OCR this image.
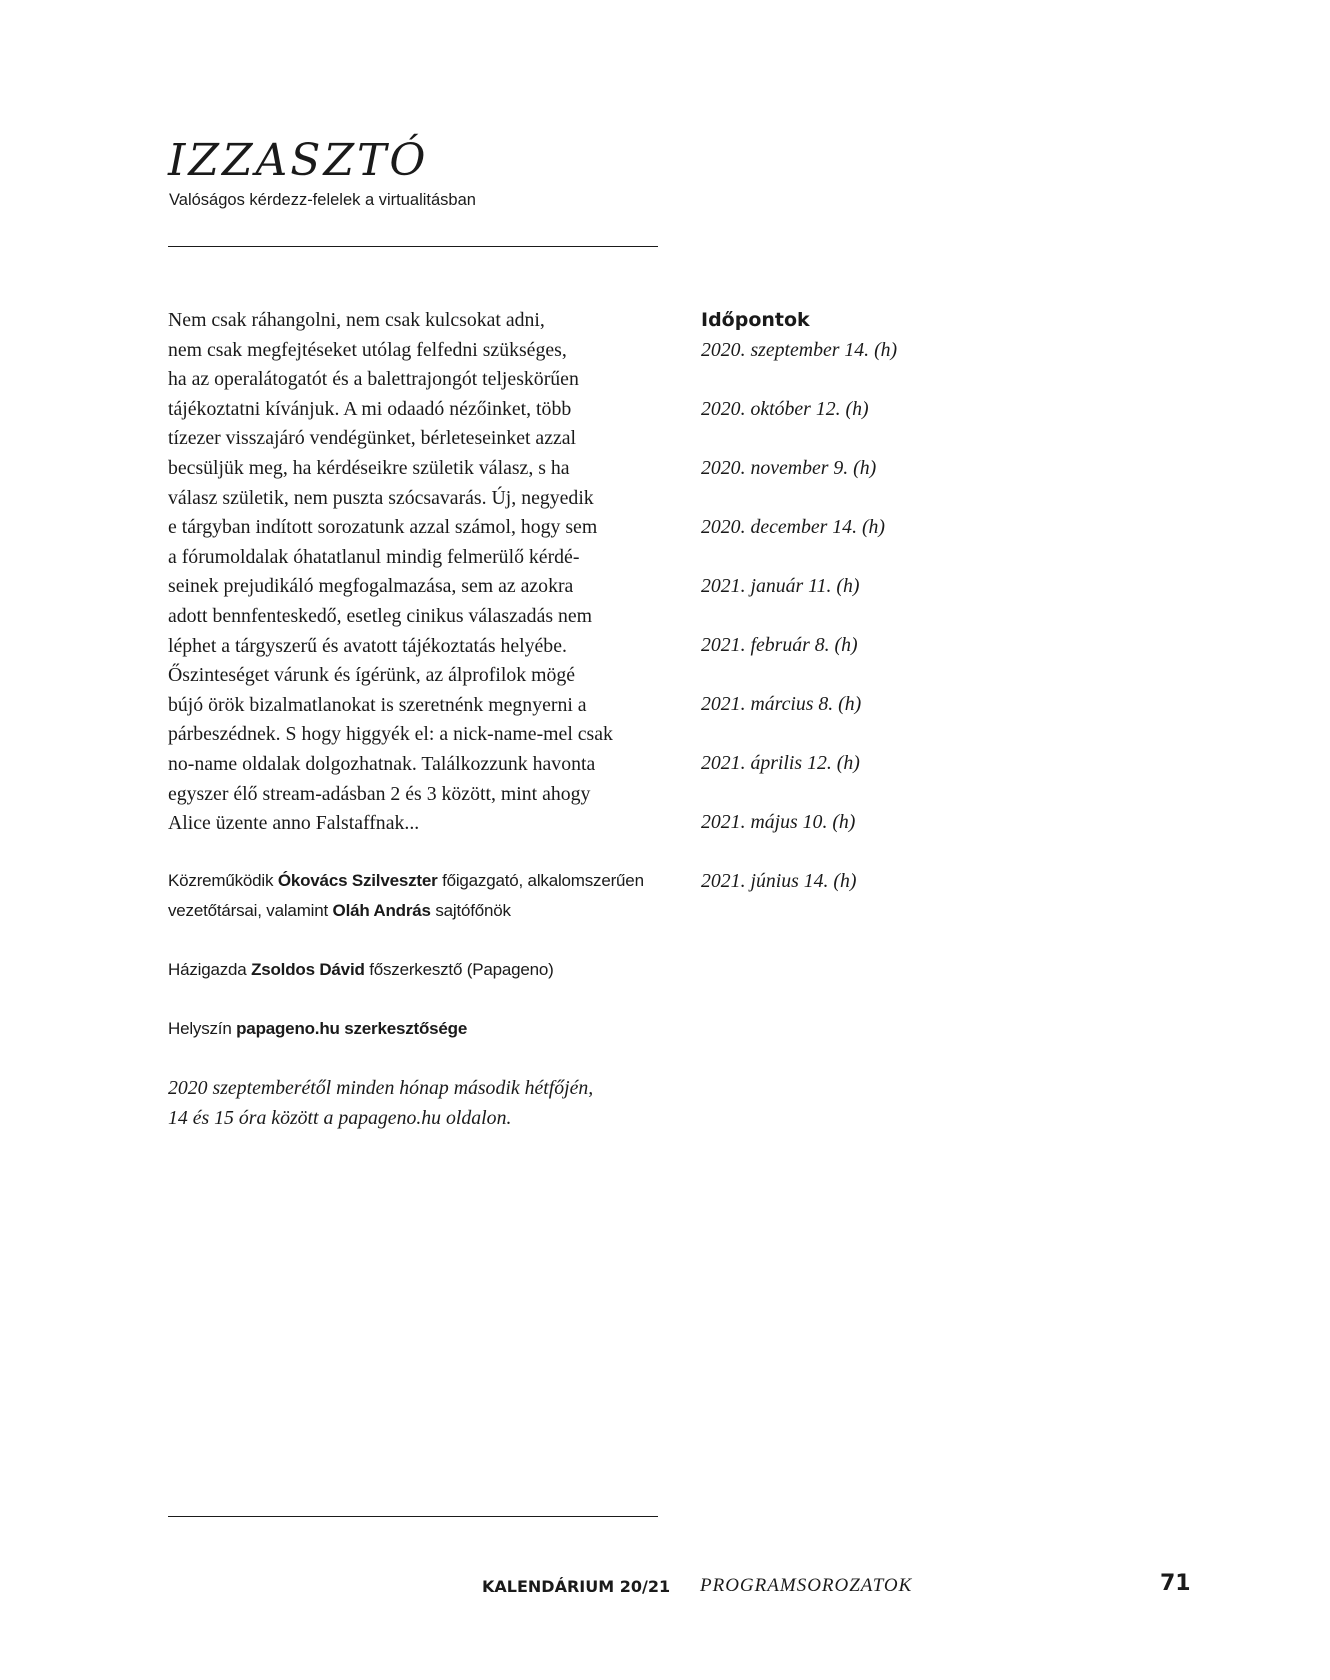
IZZASZTÓ
Valóságos kérdezz-felelek a virtualitásban
Nem csak ráhangolni, nem csak kulcsokat adni,
nem csak megfejtéseket utólag felfedni szükséges,
ha az operalátogatót és a balettrajongót teljeskörűen
tájékoztatni kívánjuk. A mi odaadó nézőinket, több
tízezer visszajáró vendégünket, bérleteseinket azzal
becsüljük meg, ha kérdéseikre születik válasz, s ha
válasz születik, nem puszta szócsavarás. Új, negyedik
e tárgyban indított sorozatunk azzal számol, hogy sem
a fórumoldalak óhatatlanul mindig felmerülő kérdé-
seinek prejudikáló megfogalmazása, sem az azokra
adott bennfenteskedő, esetleg cinikus válaszadás nem
léphet a tárgyszerű és avatott tájékoztatás helyébe.
Őszinteséget várunk és ígérünk, az álprofilok mögé
bújó örök bizalmatlanokat is szeretnénk megnyerni a
párbeszédnek. S hogy higgyék el: a nick-name-mel csak
no-name oldalak dolgozhatnak. Találkozzunk havonta
egyszer élő stream-adásban 2 és 3 között, mint ahogy
Alice üzente anno Falstaffnak...

Közreműködik Ókovács Szilveszter főigazgató, alkalomszerűen

vezetőtársai, valamint Oláh András sajtófőnök

Házigazda Zsoldos Dávid főszerkesztő (Papageno)

Helyszín papageno.hu szerkesztősége

2020 szeptemberétől minden hónap második hétfőjén,
14 és 15 óra között a papageno.hu oldalon.
Időpontok
2020. szeptember 14. (h)
2020. október 12. (h)
2020. november 9. (h)
2020. december 14. (h)
2021. január 11. (h)
2021. február 8. (h)
2021. március 8. (h)
2021. április 12. (h)
2021. május 10. (h)
2021. június 14. (h)
KALENDÁRIUM 20/21 PROGRAMSOROZATOK	71
